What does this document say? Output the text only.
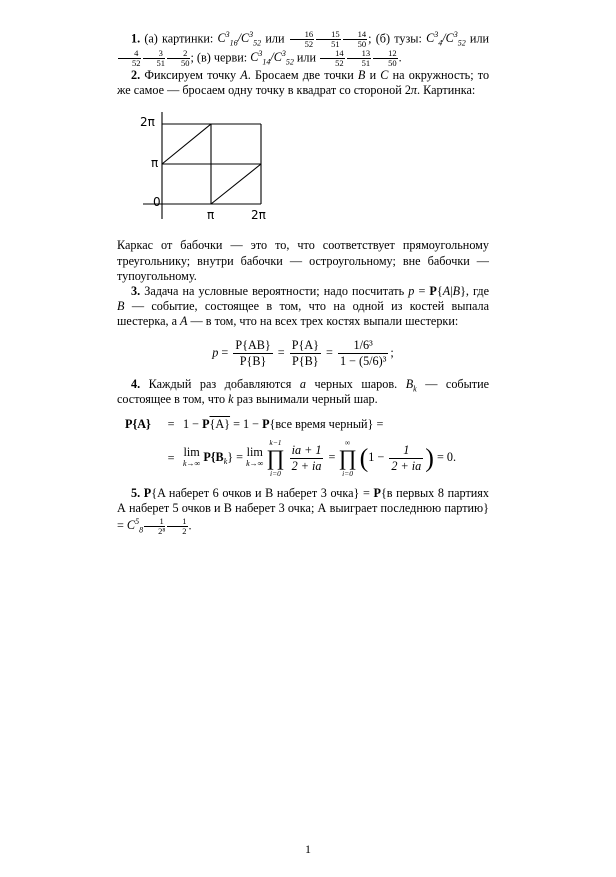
1. (а) картинки: $C^3_{16}/C^3_{52}$ или $\frac{16}{52} \frac{15}{51} \frac{14}{50}$ ; (б) тузы: $C^3_4/C^3_{52}$ или
$\frac{4}{52} \frac{3}{51} \frac{2}{50}$ ; (в) черви: $C^3_{14}/C^3_{52}$ или $\frac{14}{52} \frac{13}{51} \frac{12}{50}$ .

2. Фиксируем точку A. Бросаем две точки B и C на окружность; то же самое — бросаем одну точку в квадрат со стороной 2π. Картинка:

2π
π
0
π	2π

Каркас от бабочки — это то, что соответствует прямоугольному треугольнику; внутри бабочки — остроугольному; вне бабочки — тупоугольному.

3. Задача на условные вероятности; надо посчитать p = P{A|B}, где B — событие, состоящее в том, что на одной из костей выпала шестерка, а A — в том, что на всех трех костях выпали шестерки:

$p = \frac{P\{AB\}}{P\{B\}} = \frac{P\{A\}}{P\{B\}} = \frac{\text{1/6³}}{\text{1 − (5/6)³}}$ ;

4. Каждый раз добавляются a черных шаров. $B_k$ — событие состоящее в том, что k раз вынимали черный шар.

P{A}	= 1 − P{A} = 1 − P{все время черный} =
= lim
k→∞ $P\{B_k\} = \lim$
k→∞

k−1
∏
i=0
$\frac{ia + 1}{2 + ia}$ =
∞
∏
i=0
($1 - \frac{1}{2 + ia}$ ) = 0.

5. P{A наберет 6 очков и B наберет 3 очка} = P{в первых 8 партиях А наберет 5 очков и В наберет 3 очка; А выиграет последнюю партию} = $C^5_8 \frac{1}{\text{2⁸}} \frac{1}{2}$ .

1
